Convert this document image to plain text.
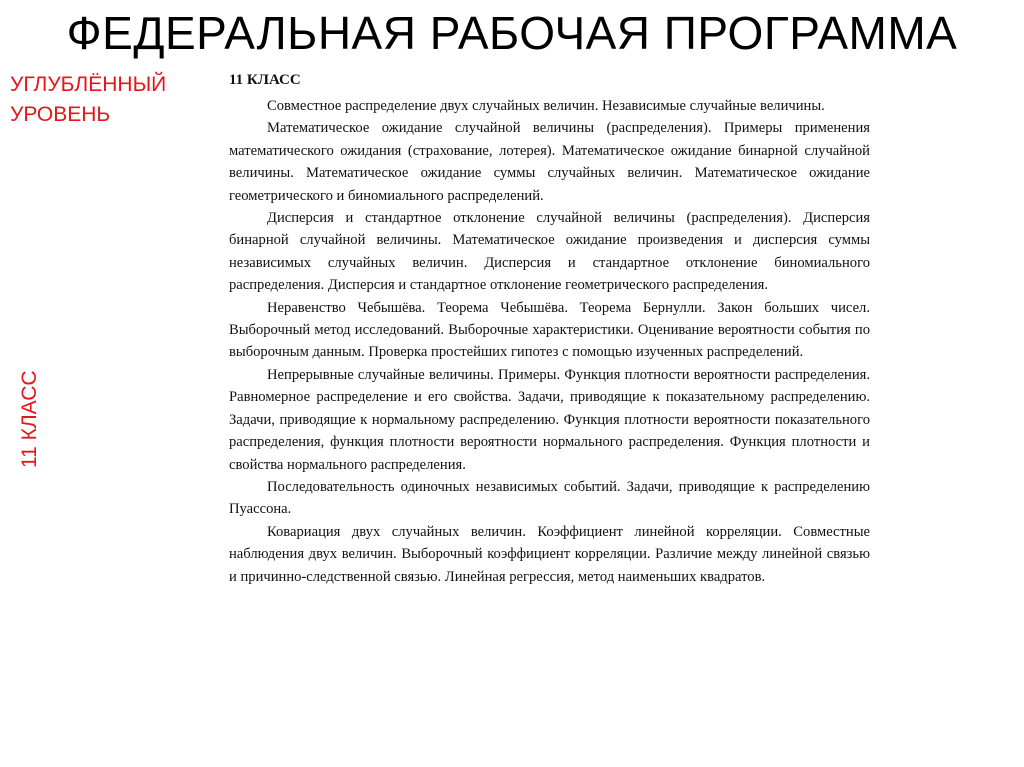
ФЕДЕРАЛЬНАЯ РАБОЧАЯ ПРОГРАММА
УГЛУБЛЁННЫЙ
УРОВЕНЬ
11 КЛАСС
11 КЛАСС

Совместное распределение двух случайных величин. Независимые случайные величины.

Математическое ожидание случайной величины (распределения). Примеры применения математического ожидания (страхование, лотерея). Математическое ожидание бинарной случайной величины. Математическое ожидание суммы случайных величин. Математическое ожидание геометрического и биномиального распределений.

Дисперсия и стандартное отклонение случайной величины (распределения). Дисперсия бинарной случайной величины. Математическое ожидание произведения и дисперсия суммы независимых случайных величин. Дисперсия и стандартное отклонение биномиального распределения. Дисперсия и стандартное отклонение геометрического распределения.

Неравенство Чебышёва. Теорема Чебышёва. Теорема Бернулли. Закон больших чисел. Выборочный метод исследований. Выборочные характеристики. Оценивание вероятности события по выборочным данным. Проверка простейших гипотез с помощью изученных распределений.

Непрерывные случайные величины. Примеры. Функция плотности вероятности распределения. Равномерное распределение и его свойства. Задачи, приводящие к показательному распределению. Задачи, приводящие к нормальному распределению. Функция плотности вероятности показательного распределения, функция плотности вероятности нормального распределения. Функция плотности и свойства нормального распределения.

Последовательность одиночных независимых событий. Задачи, приводящие к распределению Пуассона.

Ковариация двух случайных величин. Коэффициент линейной корреляции. Совместные наблюдения двух величин. Выборочный коэффициент корреляции. Различие между линейной связью и причинно-следственной связью. Линейная регрессия, метод наименьших квадратов.
